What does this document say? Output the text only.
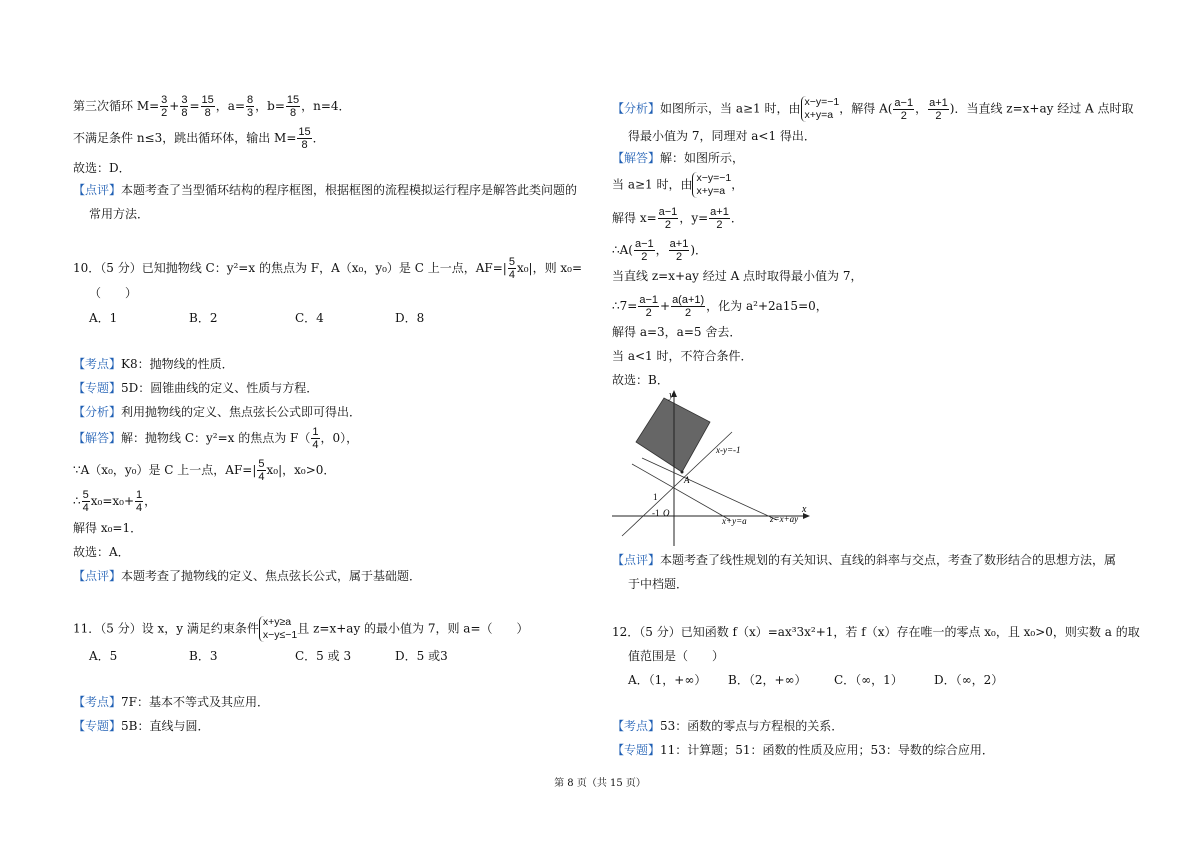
第三次循环 $M= \frac{3}{2} + \frac{3}{8} = \frac{15}{8}$ ，$a= \frac{8}{3}$ ，$b= \frac{15}{8}$ ，n=4．
不满足条件 n≤3，跳出循环体，输出 $M= \frac{15}{8}$ ．
故选：D．
【点评】本题考查了当型循环结构的程序框图，根据框图的流程模拟运行程序是解答此类问题的
常用方法．
10．（5 分）已知抛物线 C：y²=x 的焦点为 F，A（x₀，y₀）是 C 上一点，$AF=| \frac{5}{4} x_0|$，则 x₀=
（　　）
A．1	B．2	C．4	D．8
【考点】K8：抛物线的性质．
【专题】5D：圆锥曲线的定义、性质与方程．
【分析】利用抛物线的定义、焦点弦长公式即可得出．
【解答】解：抛物线 C：y²=x 的焦点为 $F( \frac{1}{4}$ ，0），
∵A（x₀，y₀）是 C 上一点，$AF=| \frac{5}{4} x_0|$，x₀>0．
∴ $\frac{5}{4} x_0=x_0+ \frac{1}{4}$ ，
解得 x₀=1．
故选：A．
【点评】本题考查了抛物线的定义、焦点弦长公式，属于基础题．
11．（5 分）设 x，y 满足约束条件 x+y≥a
x−y≤−1 且 z=x+ay 的最小值为 7，则 a=（　　）
A．5	B．3	C．5 或 3	D．5 或3
【考点】7F：基本不等式及其应用．
【专题】5B：直线与圆．
【分析】如图所示，当 a≥1 时，由 x−y=−1
x+y=a ，解得 $A( \frac{a-1}{2}$ ， $\frac{a+1}{2}$ )．当直线 z=x+ay 经过 A 点时取
得最小值为 7，同理对 a<1 得出．
【解答】解：如图所示，
当 a≥1 时，由 x−y=−1
x+y=a ，
解得 $x= \frac{a-1}{2}$ ，$y= \frac{a+1}{2}$ ．
∴A( $\frac{a-1}{2}$ ， $\frac{a+1}{2}$ )．
当直线 z=x+ay 经过 A 点时取得最小值为 7，
∴7= $\frac{a-1}{2} + \frac{a(a+1)}{2}$ ，化为 a²+2a15=0，
解得 a=3，a=5 舍去．
当 a<1 时，不符合条件．
故选：B．
【点评】本题考查了线性规划的有关知识、直线的斜率与交点，考查了数形结合的思想方法，属
于中档题．
12．（5 分）已知函数 f（x）=ax³3x²+1，若 f（x）存在唯一的零点 x₀，且 x₀>0，则实数 a 的取
值范围是（　　）
A．（1，+∞） B．（2，+∞） C．（∞，1）	D．（∞，2）
【考点】53：函数的零点与方程根的关系．
【专题】11：计算题；51：函数的性质及应用；53：导数的综合应用．
y
x
O
-1
1
A
x-y=-1
x+y=a	z=x+ay
第 8 页（共 15 页）
